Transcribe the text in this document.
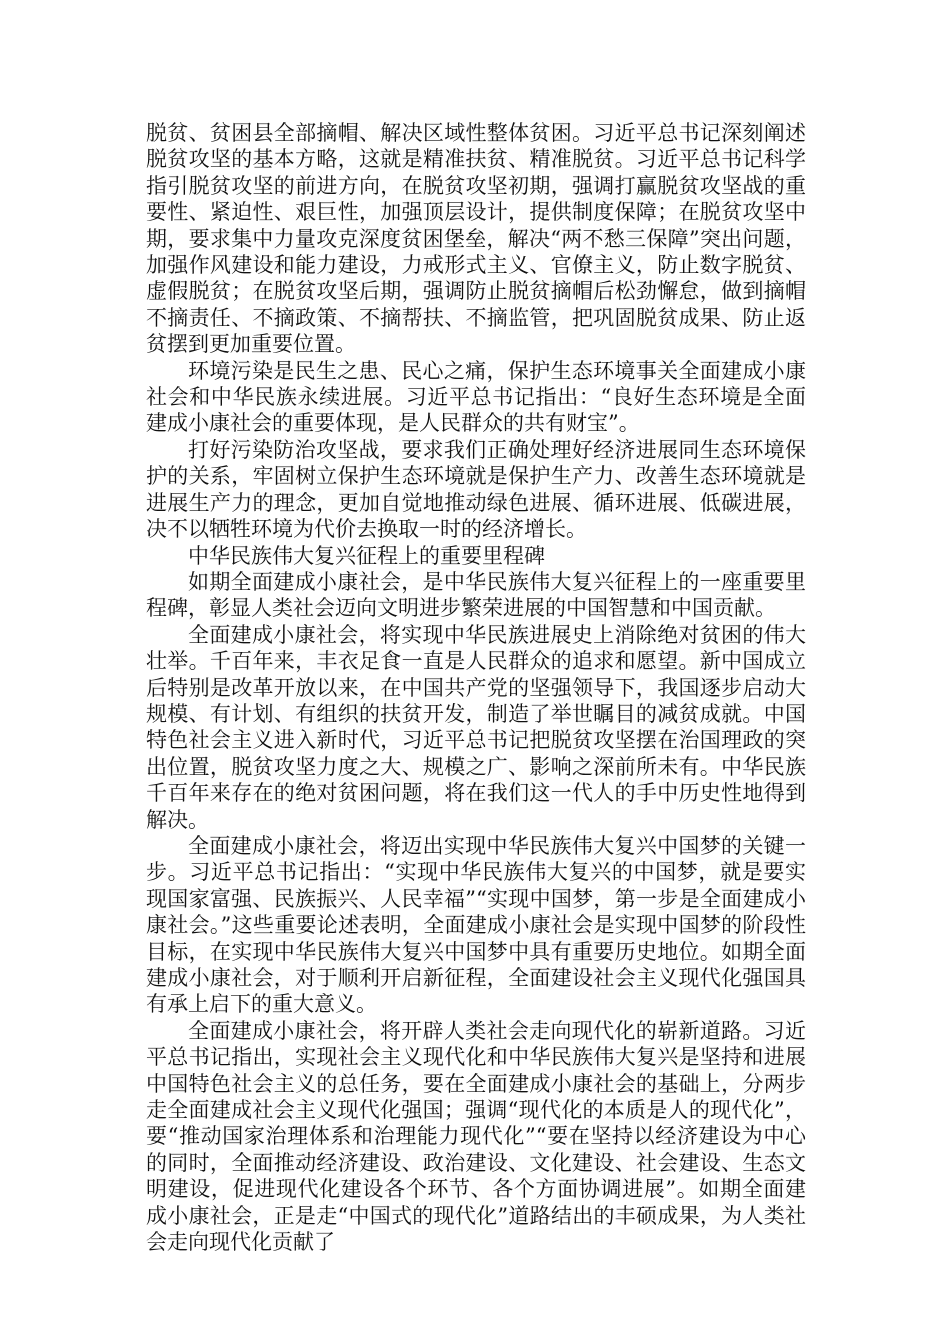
脱贫、贫困县全部摘帽、解决区域性整体贫困。习近平总书记深刻阐述脱贫攻坚的基本方略，这就是精准扶贫、精准脱贫。习近平总书记科学指引脱贫攻坚的前进方向，在脱贫攻坚初期，强调打赢脱贫攻坚战的重要性、紧迫性、艰巨性，加强顶层设计，提供制度保障；在脱贫攻坚中期，要求集中力量攻克深度贫困堡垒，解决“两不愁三保障”突出问题，加强作风建设和能力建设，力戒形式主义、官僚主义，防止数字脱贫、虚假脱贫；在脱贫攻坚后期，强调防止脱贫摘帽后松劲懈怠，做到摘帽不摘责任、不摘政策、不摘帮扶、不摘监管，把巩固脱贫成果、防止返贫摆到更加重要位置。

环境污染是民生之患、民心之痛，保护生态环境事关全面建成小康社会和中华民族永续进展。习近平总书记指出：“良好生态环境是全面建成小康社会的重要体现，是人民群众的共有财宝”。

打好污染防治攻坚战，要求我们正确处理好经济进展同生态环境保护的关系，牢固树立保护生态环境就是保护生产力、改善生态环境就是进展生产力的理念，更加自觉地推动绿色进展、循环进展、低碳进展，决不以牺牲环境为代价去换取一时的经济增长。

中华民族伟大复兴征程上的重要里程碑

如期全面建成小康社会，是中华民族伟大复兴征程上的一座重要里程碑，彰显人类社会迈向文明进步繁荣进展的中国智慧和中国贡献。

全面建成小康社会，将实现中华民族进展史上消除绝对贫困的伟大壮举。千百年来，丰衣足食一直是人民群众的追求和愿望。新中国成立后特别是改革开放以来，在中国共产党的坚强领导下，我国逐步启动大规模、有计划、有组织的扶贫开发，制造了举世瞩目的减贫成就。中国特色社会主义进入新时代，习近平总书记把脱贫攻坚摆在治国理政的突出位置，脱贫攻坚力度之大、规模之广、影响之深前所未有。中华民族千百年来存在的绝对贫困问题，将在我们这一代人的手中历史性地得到解决。

全面建成小康社会，将迈出实现中华民族伟大复兴中国梦的关键一步。习近平总书记指出：“实现中华民族伟大复兴的中国梦，就是要实现国家富强、民族振兴、人民幸福”“实现中国梦，第一步是全面建成小康社会。”这些重要论述表明，全面建成小康社会是实现中国梦的阶段性目标，在实现中华民族伟大复兴中国梦中具有重要历史地位。如期全面建成小康社会，对于顺利开启新征程，全面建设社会主义现代化强国具有承上启下的重大意义。

全面建成小康社会，将开辟人类社会走向现代化的崭新道路。习近平总书记指出，实现社会主义现代化和中华民族伟大复兴是坚持和进展中国特色社会主义的总任务，要在全面建成小康社会的基础上，分两步走全面建成社会主义现代化强国；强调“现代化的本质是人的现代化”，要“推动国家治理体系和治理能力现代化”“要在坚持以经济建设为中心的同时，全面推动经济建设、政治建设、文化建设、社会建设、生态文明建设，促进现代化建设各个环节、各个方面协调进展”。如期全面建成小康社会，正是走“中国式的现代化”道路结出的丰硕成果，为人类社会走向现代化贡献了
